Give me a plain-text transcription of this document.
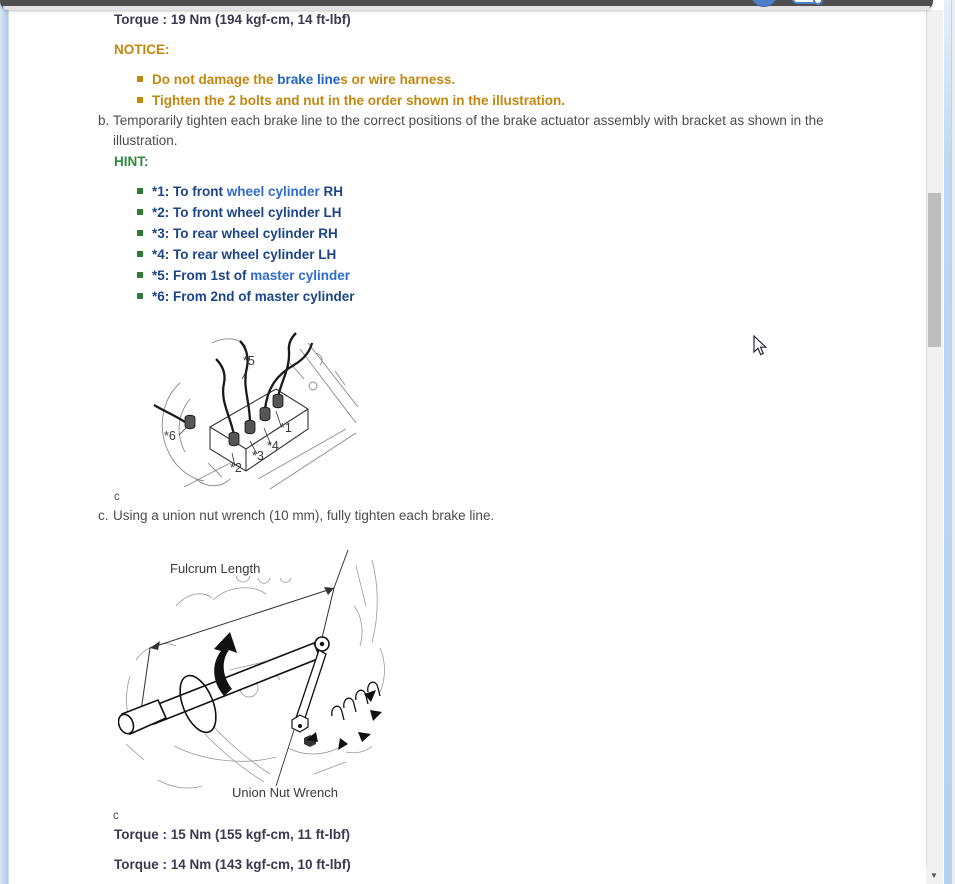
▼
Torque : 19 Nm (194 kgf-cm, 14 ft-lbf)
NOTICE:
Do not damage the brake lines or wire harness.
Tighten the 2 bolts and nut in the order shown in the illustration.
b. Temporarily tighten each brake line to the correct positions of the brake actuator assembly with bracket as shown in the illustration.
HINT:
*1: To front wheel cylinder RH
*2: To front wheel cylinder LH
*3: To rear wheel cylinder RH
*4: To rear wheel cylinder LH
*5: From 1st of master cylinder
*6: From 2nd of master cylinder
*5
*6
*1
*4
*3
*2
c
c. Using a union nut wrench (10 mm), fully tighten each brake line.
Fulcrum Length
Union Nut Wrench
c
Torque : 15 Nm (155 kgf-cm, 11 ft-lbf)
Torque : 14 Nm (143 kgf-cm, 10 ft-lbf)
